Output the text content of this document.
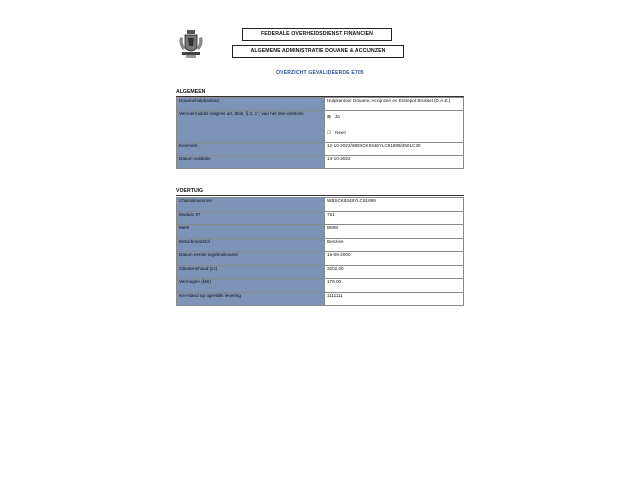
FEDERALE OVERHEIDSDIENST FINANCIEN
ALGEMENE ADMINISTRATIE DOUANE & ACCIJNZEN
OVERZICHT GEVALIDEERDE E705
ALGEMEEN
Douanehulpkantoor	Hulpkantoor Douane, Accijnzen en Entrepot Brussel (D.A.E.)
Vervoermiddel volgens art. 8bis, § 2, 1°, van het btw-wetboek	⊠ Ja
☐ Neen

Kenmerk	12-10-2022/WBSCK9348YLC91899/2501C30
Datum validatie	13-10-2022
VOERTUIG
Chassisnummer	WBSCK9348YLC91899
Modulo 97	751
Merk	BMW
Motorbrandstof	Benzine
Datum eerste ingebruikname	15-09-2000
Cilinderinhoud (cc)	3202,00
Vermogen (kW)	179,00
Km-stand op ogenblik levering	1111111
